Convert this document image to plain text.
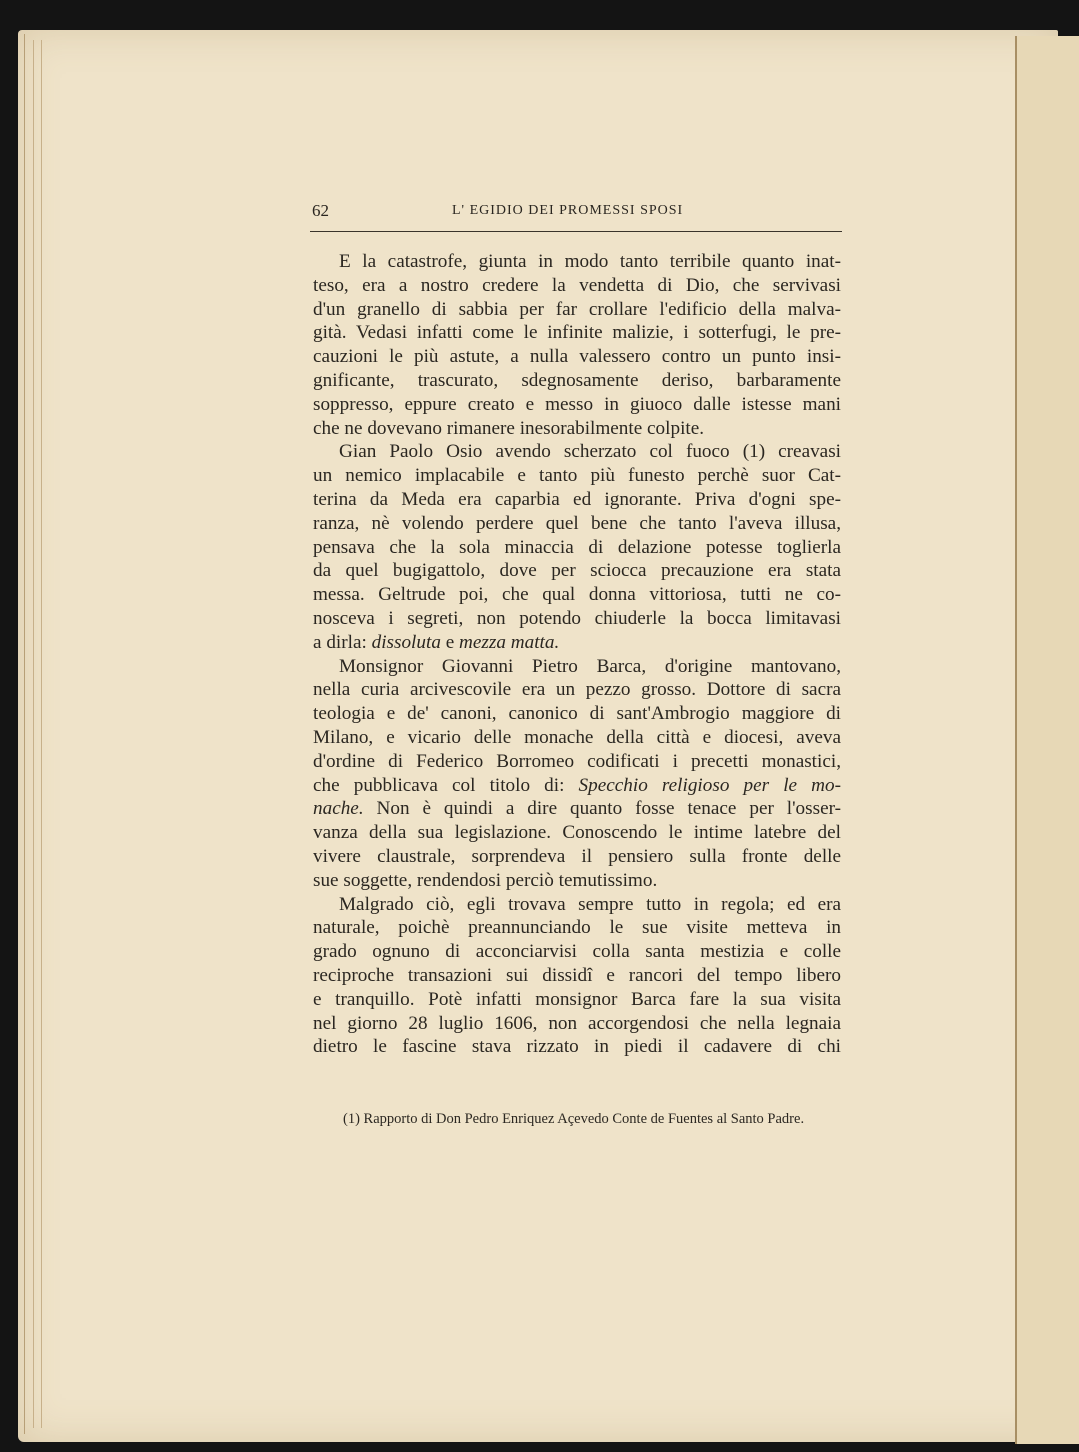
62	L' EGIDIO DEI PROMESSI SPOSI
E la catastrofe, giunta in modo tanto terribile quanto inat-
teso, era a nostro credere la vendetta di Dio, che servivasi
d'un granello di sabbia per far crollare l'edificio della malva-
gità. Vedasi infatti come le infinite malizie, i sotterfugi, le pre-
cauzioni le più astute, a nulla valessero contro un punto insi-
gnificante, trascurato, sdegnosamente deriso, barbaramente
soppresso, eppure creato e messo in giuoco dalle istesse mani
che ne dovevano rimanere inesorabilmente colpite.
Gian Paolo Osio avendo scherzato col fuoco (1) creavasi
un nemico implacabile e tanto più funesto perchè suor Cat-
terina da Meda era caparbia ed ignorante. Priva d'ogni spe-
ranza, nè volendo perdere quel bene che tanto l'aveva illusa,
pensava che la sola minaccia di delazione potesse toglierla
da quel bugigattolo, dove per sciocca precauzione era stata
messa. Geltrude poi, che qual donna vittoriosa, tutti ne co-
nosceva i segreti, non potendo chiuderle la bocca limitavasi
a dirla: dissoluta e mezza matta.
Monsignor Giovanni Pietro Barca, d'origine mantovano,
nella curia arcivescovile era un pezzo grosso. Dottore di sacra
teologia e de' canoni, canonico di sant'Ambrogio maggiore di
Milano, e vicario delle monache della città e diocesi, aveva
d'ordine di Federico Borromeo codificati i precetti monastici,
che pubblicava col titolo di: Specchio religioso per le mo-
nache. Non è quindi a dire quanto fosse tenace per l'osser-
vanza della sua legislazione. Conoscendo le intime latebre del
vivere claustrale, sorprendeva il pensiero sulla fronte delle
sue soggette, rendendosi perciò temutissimo.
Malgrado ciò, egli trovava sempre tutto in regola; ed era
naturale, poichè preannunciando le sue visite metteva in
grado ognuno di acconciarvisi colla santa mestizia e colle
reciproche transazioni sui dissidî e rancori del tempo libero
e tranquillo. Potè infatti monsignor Barca fare la sua visita
nel giorno 28 luglio 1606, non accorgendosi che nella legnaia
dietro le fascine stava rizzato in piedi il cadavere di chi
(1) Rapporto di Don Pedro Enriquez Açevedo Conte de Fuentes al Santo Padre.
